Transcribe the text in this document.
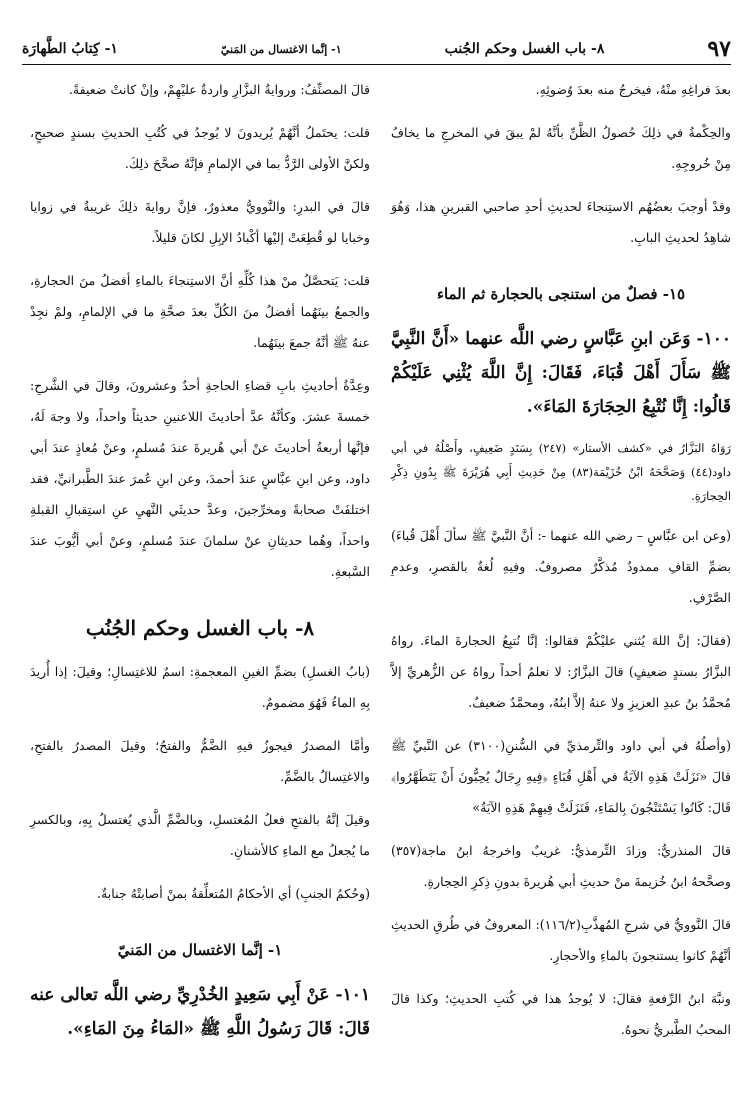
٩٧
٨- باب الغسل وحكم الجُنب
١- إنَّما الاغتسال من المَنيّ
١- كِتابُ الطَّهارَة

بعدَ فراغِهِ منْهُ، فيخرجُ منه بعدَ وُضوئِهِ.

والحِكْمةُ في ذلِكَ حُصولُ الظَّنِّ بأنَّهُ لمْ يبقَ في المخرجِ ما يخافُ مِنْ خُروجِهِ.

وقدْ أوجبَ بعضُهُم الاستِنجاءَ لحديثِ أحدِ صاحبي القبرينِ هذا، وَهُوَ شاهِدُ لحديثِ البابِ.

١٥- فصلٌ من استنجى بالحجارة ثم الماء

١٠٠- وَعَن ابنِ عَبَّاسٍ رضي اللَّه عنهما «أَنَّ النَّبِيَّ ﷺ سَأَلَ أَهْلَ قُبَاءَ، فَقَالَ: إِنَّ اللَّهَ يُثْنِي عَلَيْكُمْ قَالُوا: إِنَّا نُتْبِعُ الحِجَارَةَ المَاءَ».

رَوَاهُ البَزَّارُ في «كشف الأستار» (٢٤٧) بِسَنَدٍ ضَعِيفٍ، وأَصْلُهُ في أبي داود(٤٤) وَصَحَّحَهُ ابْنُ خُزَيْمَة(٨٣) مِنْ حَدِيثِ أَبِي هُرَيْرَةَ ﷺ بِدُونِ ذِكْرِ الحِجارَةِ.

(وعن ابن عبَّاسٍ – رضي الله عنهما -: أنَّ النَّبيَّ ﷺ سألَ أَهْلَ قُباءَ) بضمِّ القافِ ممدودٌ مُذكَّرٌ مصروفٌ. وفيهِ لُغةٌ بالقصرِ، وعدمِ الصَّرْفِ.

(فقالَ: إنَّ اللهَ يُثني عليْكُمْ فقالوا: إنَّا نُتبِعُ الحجارةَ الماءَ. رواهُ البزَّارُ بسندٍ ضعيفٍ) قالَ البزَّارُ: لا نعلمُ أحداً رواهُ عن الزُّهريِّ إلاَّ مُحمَّدُ بنُ عبدِ العزيزِ ولا عنهُ إلاَّ ابنُهُ، ومحمَّدٌ ضعيفٌ.

(وأصلُهُ في أبي داود والتِّرمذيِّ في السُّننِ(٣١٠٠) عن النَّبيِّ ﷺ قالَ «نَزَلَتْ هَذِهِ الآيَةُ في أَهْلِ قُبَاءٍ ﴿فِيهِ رِجَالٌ يُحِبُّونَ أَنْ يَتَطَهَّرُوا﴾ قَالَ: كَانُوا يَسْتَنْجُونَ بِالمَاءِ، فَنَزَلَتْ فِيهِمْ هَذِهِ الآيَةُ»

قالَ المنذريُّ: وزادَ التِّرمذيُّ: غريبٌ واخرجهُ ابنُ ماجة(٣٥٧) وصحَّحهُ ابنُ خُزيمةَ منْ حديثِ أبي هُريرةَ بدونِ ذِكرِ الحِجارةِ.

قالَ النَّوويُّ في شرحِ المُهذَّبِ(١١٦/٢): المعروفُ في طُرقِ الحديثِ أنَّهُمْ كانوا يستنجونَ بالماءِ والأحجارِ.

ونبَّهَ ابنُ الرِّفعةِ فقالَ: لا يُوجدُ هذا في كُتبِ الحديثِ؛ وكذا قالَ المحبُ الطَّبريُّ نحوهُ.

قالَ المصنِّفُ: وروايةُ البزَّارِ واردةٌ عليْهِمْ، وإنْ كانتْ ضعيفةً.

قلت: يحتَملُ أنَّهُمْ يُريدونَ لا يُوجدُ في كُتُبِ الحديثِ بسندٍ صحيحٍ، ولكنَّ الأولى الرَّدُّ بما في الإلمامِ فإنَّهُ صحَّحَ ذلِكَ.

قالَ في البدرِ: والنَّوويُّ معذورٌ، فإنَّ روايةَ ذلِكَ غريبةٌ في زوايا وخبايا لو قُطِعَتْ إليْها أكْبادُ الإبِلِ لكانَ قليلاً.

قلت: يَتحصَّلُ منْ هذا كُلِّهِ أنَّ الاستِنجاءَ بالماءِ أفضلُ منَ الحجارةِ، والجمعُ بينَهُما أفضلُ منَ الكُلِّ بعدَ صحَّةِ ما في الإلمامِ، ولمْ نجِدْ عنهُ ﷺ أنَّهُ جمعَ بينَهُما.

وعِدَّةُ أحاديثِ بابِ قضاءِ الحاجةِ أحدٌ وعشرونَ، وقالَ في الشَّرحِ: خمسةَ عشرَ. وكأنَّهُ عدَّ أحاديثَ اللاعنينِ حديثاً واحداً، ولا وجهَ لَهُ، فإنَّها أربعةُ أحاديثَ عنْ أبي هُريرةَ عندَ مُسلمٍ، وعنْ مُعاذٍ عندَ أبي داود، وعن ابنِ عبَّاسٍ عندَ أحمدَ، وعن ابنِ عُمرَ عندَ الطَّبرانيِّ، فقد اختلفَتْ صحابةً ومخرِّجينَ، وعدَّ حديثَي النَّهيِ عنِ استِقبالِ القبلةِ واحداً، وهُما حديثانِ عنْ سلمانَ عندَ مُسلمٍ، وعنْ أبي أيُّوبَ عندَ السَّبعةِ.

٨- باب الغسل وحكم الجُنُب

(بابُ الغسلِ) بضمِّ الغينِ المعجمةِ: اسمٌ للاغتِسالِ؛ وقيلَ: إذا أُريدَ بِهِ الماءُ فَهُوَ مضمومٌ.

وأمَّا المصدرُ فيجوزُ فيهِ الضَّمُّ والفتحُ؛ وقيلَ المصدرُ بالفتحِ، والاغتِسالُ بالضَّمِّ.

وقيلَ إنَّهُ بالفتحِ فعلُ المُغتسلِ، وبالضَّمِّ الَّذي يُغتسلُ بِهِ، وبالكسرِ ما يُجعلُ مع الماءِ كالأشنانِ.

(وحُكمُ الجنبِ) أي الأحكامُ المُتعلِّقةُ بمنْ أصابتْهُ جنابةٌ.

١- إنَّما الاغتسال من المَنيّ

١٠١- عَنْ أَبِي سَعِيدٍ الخُدْرِيِّ رضي اللَّه تعالى عنه قَالَ: قَالَ رَسُولُ اللَّهِ ﷺ «المَاءُ مِنَ المَاءِ».
